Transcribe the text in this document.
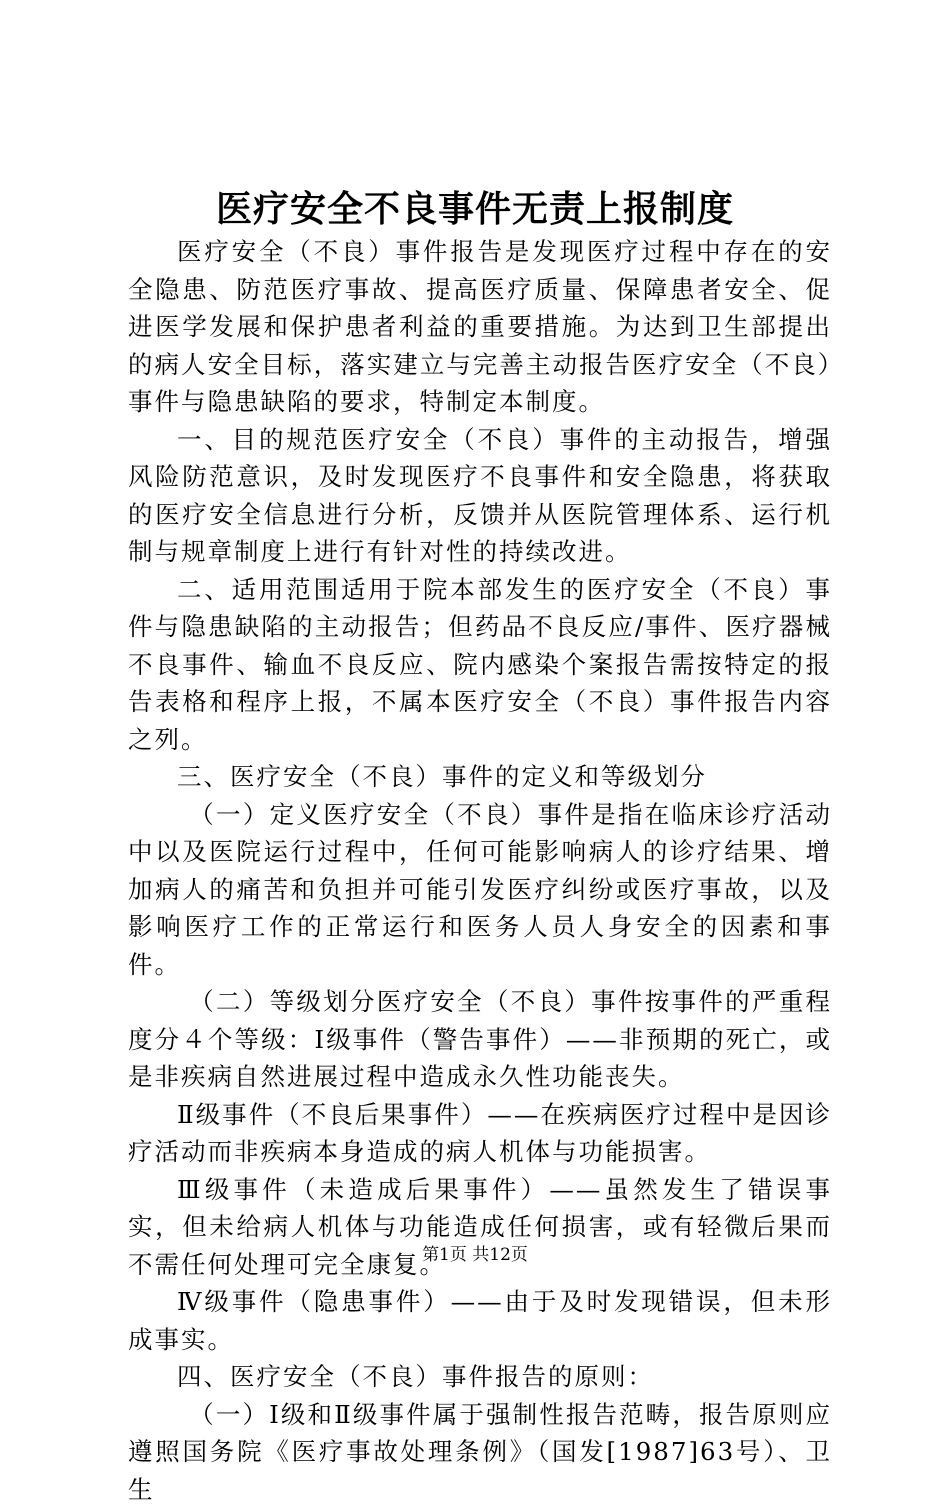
医疗安全不良事件无责上报制度

医疗安全（不良）事件报告是发现医疗过程中存在的安全隐患、防范医疗事故、提高医疗质量、保障患者安全、促进医学发展和保护患者利益的重要措施。为达到卫生部提出的病人安全目标，落实建立与完善主动报告医疗安全（不良）事件与隐患缺陷的要求，特制定本制度。

一、目的规范医疗安全（不良）事件的主动报告，增强风险防范意识，及时发现医疗不良事件和安全隐患，将获取的医疗安全信息进行分析，反馈并从医院管理体系、运行机制与规章制度上进行有针对性的持续改进。

二、适用范围适用于院本部发生的医疗安全（不良）事件与隐患缺陷的主动报告；但药品不良反应/事件、医疗器械不良事件、输血不良反应、院内感染个案报告需按特定的报告表格和程序上报，不属本医疗安全（不良）事件报告内容之列。

三、医疗安全（不良）事件的定义和等级划分

（一）定义医疗安全（不良）事件是指在临床诊疗活动中以及医院运行过程中，任何可能影响病人的诊疗结果、增加病人的痛苦和负担并可能引发医疗纠纷或医疗事故，以及影响医疗工作的正常运行和医务人员人身安全的因素和事件。

（二）等级划分医疗安全（不良）事件按事件的严重程度分４个等级：Ⅰ级事件（警告事件）——非预期的死亡，或是非疾病自然进展过程中造成永久性功能丧失。

Ⅱ级事件（不良后果事件）——在疾病医疗过程中是因诊疗活动而非疾病本身造成的病人机体与功能损害。

Ⅲ级事件（未造成后果事件）——虽然发生了错误事实，但未给病人机体与功能造成任何损害，或有轻微后果而不需任何处理可完全康复。

Ⅳ级事件（隐患事件）——由于及时发现错误，但未形成事实。

四、医疗安全（不良）事件报告的原则：

（一）Ⅰ级和Ⅱ级事件属于强制性报告范畴，报告原则应遵照国务院《医疗事故处理条例》（国发[1987]63号）、卫生

第1页 共12页
